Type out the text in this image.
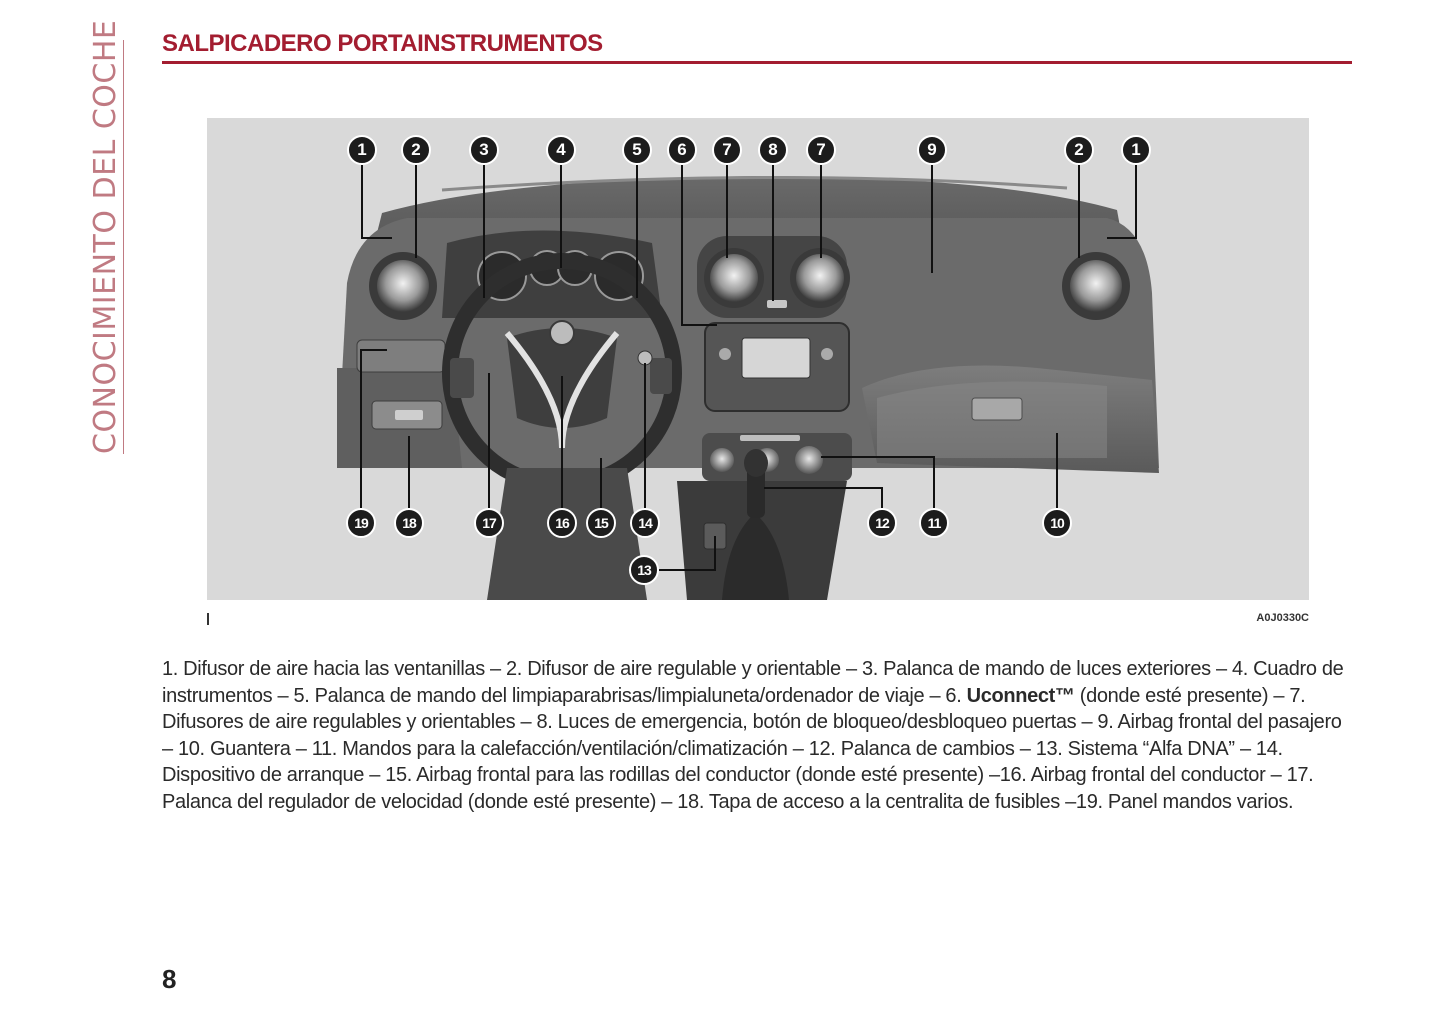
CONOCIMIENTO DEL COCHE SALPICADERO PORTAINSTRUMENTOS
1	2	3	4	5	6	7	8	7	9	2	1
19	18	17	16	15	14	12	11	10
13
A0J0330C
1. Difusor de aire hacia las ventanillas – 2. Difusor de aire regulable y orientable – 3. Palanca de mando de luces exteriores – 4. Cuadro de instrumentos – 5. Palanca de mando del limpiaparabrisas/limpialuneta/ordenador de viaje – 6. Uconnect™ (donde esté presente) – 7. Difusores de aire regulables y orientables – 8. Luces de emergencia, botón de bloqueo/desbloqueo puertas – 9. Airbag frontal del pasajero – 10. Guantera – 11. Mandos para la calefacción/ventilación/climatización – 12. Palanca de cambios – 13. Sistema “Alfa DNA” – 14. Dispositivo de arranque – 15. Airbag frontal para las rodillas del conductor (donde esté presente) –16. Airbag frontal del conductor – 17. Palanca del regulador de velocidad (donde esté presente) – 18. Tapa de acceso a la centralita de fusibles –19. Panel mandos varios.
8
